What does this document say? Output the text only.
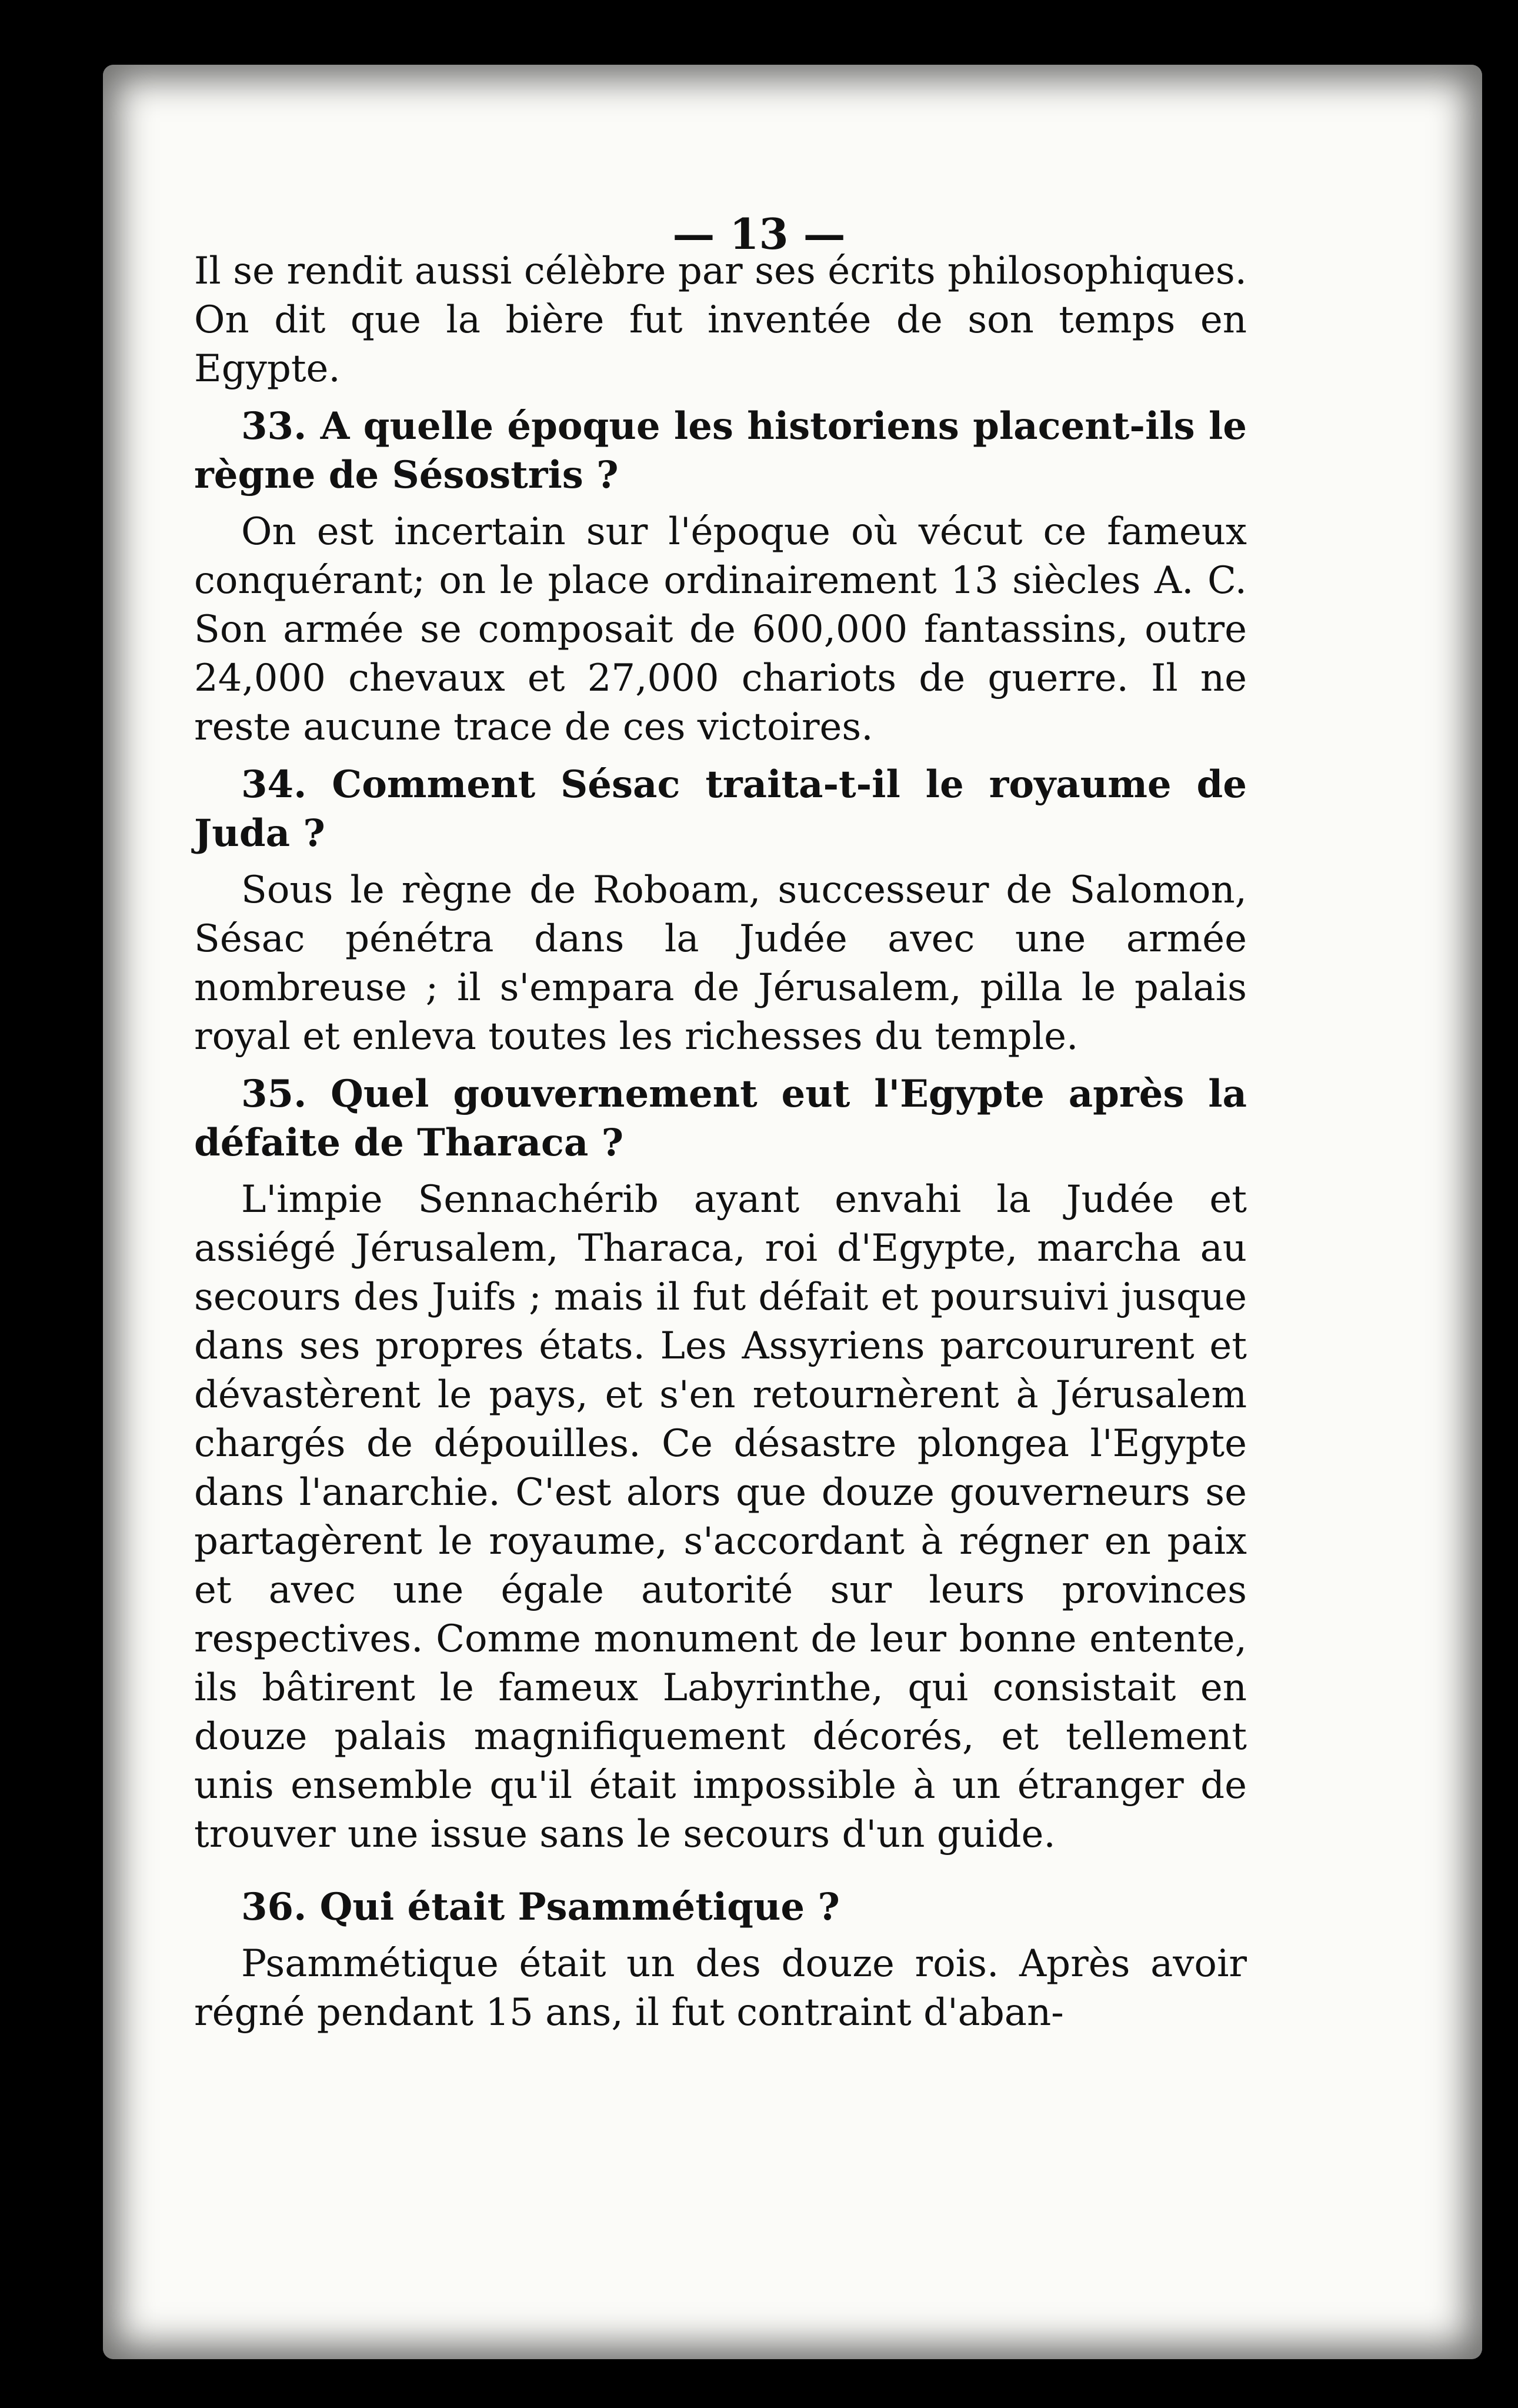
— 13 —

Il se rendit aussi célèbre par ses écrits philosophiques. On dit que la bière fut inventée de son temps en Egypte.

33. A quelle époque les historiens placent-ils le règne de Sésostris ?

On est incertain sur l'époque où vécut ce fameux conquérant; on le place ordinairement 13 siècles A. C. Son armée se composait de 600,000 fantassins, outre 24,000 chevaux et 27,000 chariots de guerre. Il ne reste aucune trace de ces victoires.

34. Comment Sésac traita-t-il le royaume de Juda ?

Sous le règne de Roboam, successeur de Salomon, Sésac pénétra dans la Judée avec une armée nombreuse ; il s'empara de Jérusalem, pilla le palais royal et enleva toutes les richesses du temple.

35. Quel gouvernement eut l'Egypte après la défaite de Tharaca ?

L'impie Sennachérib ayant envahi la Judée et assiégé Jérusalem, Tharaca, roi d'Egypte, marcha au secours des Juifs ; mais il fut défait et poursuivi jusque dans ses propres états. Les Assyriens parcoururent et dévastèrent le pays, et s'en retournèrent à Jérusalem chargés de dépouilles. Ce désastre plongea l'Egypte dans l'anarchie. C'est alors que douze gouverneurs se partagèrent le royaume, s'accordant à régner en paix et avec une égale autorité sur leurs provinces respectives. Comme monument de leur bonne entente, ils bâtirent le fameux Labyrinthe, qui consistait en douze palais magnifiquement décorés, et tellement unis ensemble qu'il était impossible à un étranger de trouver une issue sans le secours d'un guide.

36. Qui était Psammétique ?

Psammétique était un des douze rois. Après avoir régné pendant 15 ans, il fut contraint d'aban-
